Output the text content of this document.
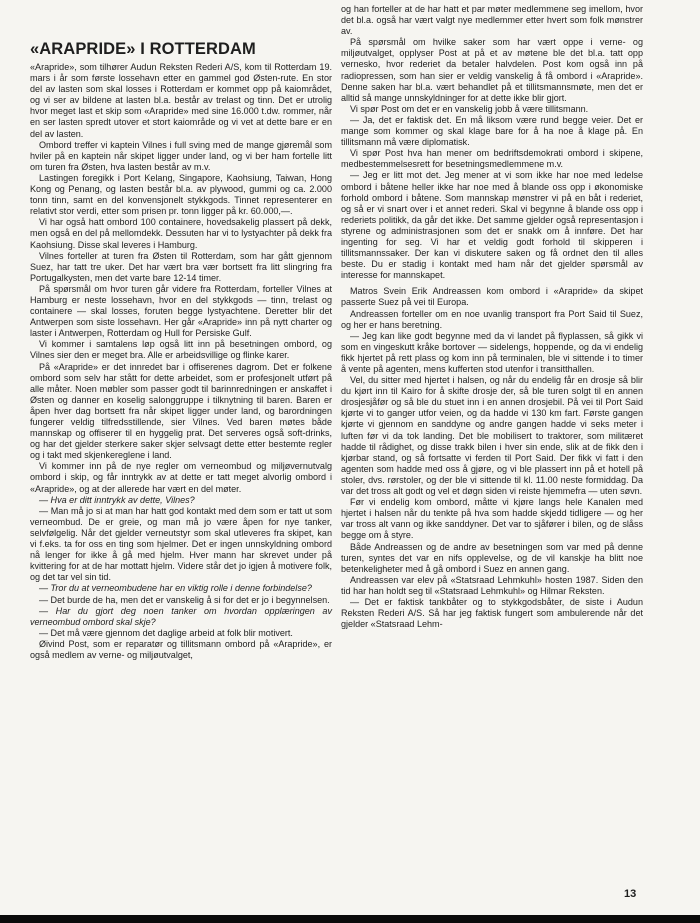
«ARAPRIDE» I ROTTERDAM

«Arapride», som tilhører Audun Reksten Rederi A/S, kom til Rotterdam 19. mars i år som første lossehavn etter en gammel god Østen-rute. En stor del av lasten som skal losses i Rotterdam er kommet opp på kaiområdet, og vi ser av bildene at lasten bl.a. består av trelast og tinn. Det er utrolig hvor meget last et skip som «Arapride» med sine 16.000 t.dw. rommer, når en ser lasten spredt utover et stort kaiområde og vi vet at dette bare er en del av lasten.

Ombord treffer vi kaptein Vilnes i full sving med de mange gjøremål som hviler på en kaptein når skipet ligger under land, og vi ber ham fortelle litt om turen fra Østen, hva lasten består av m.v.

Lastingen foregikk i Port Kelang, Singapore, Kaohsiung, Taiwan, Hong Kong og Penang, og lasten består bl.a. av plywood, gummi og ca. 2.000 tonn tinn, samt en del konvensjonelt stykkgods. Tinnet representerer en relativt stor verdi, etter som prisen pr. tonn ligger på kr. 60.000,—.

Vi har også hatt ombord 100 containere, hovedsakelig plassert på dekk, men også en del på mellomdekk. Dessuten har vi to lystyachter på dekk fra Kaohsiung. Disse skal leveres i Hamburg.

Vilnes forteller at turen fra Østen til Rotterdam, som har gått gjennom Suez, har tatt tre uker. Det har vært bra vær bortsett fra litt slingring fra Portugalkysten, men det varte bare 12-14 timer.

På spørsmål om hvor turen går videre fra Rotterdam, forteller Vilnes at Hamburg er neste lossehavn, hvor en del stykkgods — tinn, trelast og containere — skal losses, foruten begge lystyachtene. Deretter blir det Antwerpen som siste lossehavn. Her går «Arapride» inn på nytt charter og laster i Antwerpen, Rotterdam og Hull for Persiske Gulf.

Vi kommer i samtalens løp også litt inn på besetningen ombord, og Vilnes sier den er meget bra. Alle er arbeidsvillige og flinke karer.

På «Arapride» er det innredet bar i offiserenes dagrom. Det er folkene ombord som selv har stått for dette arbeidet, som er profesjonelt utført på alle måter. Noen møbler som passer godt til barinnredningen er anskaffet i Østen og danner en koselig salonggruppe i tilknytning til baren. Baren er åpen hver dag bortsett fra når skipet ligger under land, og barordningen fungerer veldig tilfredsstillende, sier Vilnes. Ved baren møtes både mannskap og offiserer til en hyggelig prat. Det serveres også soft-drinks, og har det gjelder sterkere saker skjer selvsagt dette etter bestemte regler og i takt med skjenkereglene i land.

Vi kommer inn på de nye regler om verneombud og miljøvernutvalg ombord i skip, og får inntrykk av at dette er tatt meget alvorlig ombord i «Arapride», og at der allerede har vært en del møter.

— Hva er ditt inntrykk av dette, Vilnes?

— Man må jo si at man har hatt god kontakt med dem som er tatt ut som verneombud. De er greie, og man må jo være åpen for nye tanker, selvfølgelig. Når det gjelder verneutstyr som skal utleveres fra skipet, kan vi f.eks. ta for oss en ting som hjelmer. Det er ingen unnskyldning ombord nå lenger for ikke å gå med hjelm. Hver mann har skrevet under på kvittering for at de har mottatt hjelm. Videre står det jo igjen å motivere folk, og det tar vel sin tid.

— Tror du at verneombudene har en viktig rolle i denne forbindelse?

— Det burde de ha, men det er vanskelig å si for det er jo i begynnelsen.

— Har du gjort deg noen tanker om hvordan opplæringen av verneombud ombord skal skje?

— Det må være gjennom det daglige arbeid at folk blir motivert.

Øivind Post, som er reparatør og tillitsmann ombord på «Arapride», er også medlem av verne- og miljøutvalget,

og han forteller at de har hatt et par møter medlemmene seg imellom, hvor det bl.a. også har vært valgt nye medlemmer etter hvert som folk mønstrer av.

På spørsmål om hvilke saker som har vært oppe i verne- og miljøutvalget, opplyser Post at på et av møtene ble det bl.a. tatt opp vernesko, hvor rederiet da betaler halvdelen. Post kom også inn på radiopressen, som han sier er veldig vanskelig å få ombord i «Arapride». Denne saken har bl.a. vært behandlet på et tillitsmannsmøte, men det er alltid så mange unnskyldninger for at dette ikke blir gjort.

Vi spør Post om det er en vanskelig jobb å være tillitsmann.

— Ja, det er faktisk det. En må liksom være rund begge veier. Det er mange som kommer og skal klage bare for å ha noe å klage på. En tillitsmann må være diplomatisk.

Vi spør Post hva han mener om bedriftsdemokrati ombord i skipene, medbestemmelsesrett for besetningsmedlemmene m.v.

— Jeg er litt mot det. Jeg mener at vi som ikke har noe med ledelse ombord i båtene heller ikke har noe med å blande oss opp i økonomiske forhold ombord i båtene. Som mannskap mønstrer vi på en båt i rederiet, og så er vi snart over i et annet rederi. Skal vi begynne å blande oss opp i rederiets politikk, da går det ikke. Det samme gjelder også representasjon i styrene og administrasjonen som det er snakk om å innføre. Det har ingenting for seg. Vi har et veldig godt forhold til skipperen i tillitsmannssaker. Der kan vi diskutere saken og få ordnet den til alles beste. Du er stadig i kontakt med ham når det gjelder spørsmål av interesse for mannskapet.

Matros Svein Erik Andreassen kom ombord i «Arapride» da skipet passerte Suez på vei til Europa.

Andreassen forteller om en noe uvanlig transport fra Port Said til Suez, og her er hans beretning.

— Jeg kan like godt begynne med da vi landet på flyplassen, så gikk vi som en vingeskutt kråke bortover — sidelengs, hoppende, og da vi endelig fikk hjertet på rett plass og kom inn på terminalen, ble vi sittende i to timer å vente på agenten, mens kufferten stod utenfor i transitthallen.

Vel, du sitter med hjertet i halsen, og når du endelig får en drosje så blir du kjørt inn til Kairo for å skifte drosje der, så ble turen solgt til en annen drosjesjåfør og så ble du stuet inn i en annen drosjebil. På vei til Port Said kjørte vi to ganger utfor veien, og da hadde vi 130 km fart. Første gangen kjørte vi gjennom en sanddyne og andre gangen hadde vi seks meter i luften før vi da tok landing. Det ble mobilisert to traktorer, som militæret hadde til rådighet, og disse trakk bilen i hver sin ende, slik at de fikk den i kjørbar stand, og så fortsatte vi ferden til Port Said. Der fikk vi fatt i den agenten som hadde med oss å gjøre, og vi ble plassert inn på et hotell på stoler, dvs. rørstoler, og der ble vi sittende til kl. 11.00 neste formiddag. Da var det tross alt godt og vel et døgn siden vi reiste hjemmefra — uten søvn.

Før vi endelig kom ombord, måtte vi kjøre langs hele Kanalen med hjertet i halsen når du tenkte på hva som hadde skjedd tidligere — og her var tross alt vann og ikke sanddyner. Det var to sjåfører i bilen, og de slåss begge om å styre.

Både Andreassen og de andre av besetningen som var med på denne turen, syntes det var en nifs opplevelse, og de vil kanskje ha blitt noe betenkeligheter med å gå ombord i Suez en annen gang.

Andreassen var elev på «Statsraad Lehmkuhl» hosten 1987. Siden den tid har han holdt seg til «Statsraad Lehmkuhl» og Hilmar Reksten.

— Det er faktisk tankbåter og to stykkgodsbåter, de siste i Audun Reksten Rederi A/S. Så har jeg faktisk fungert som ambulerende når det gjelder «Statsraad Lehm-

13
